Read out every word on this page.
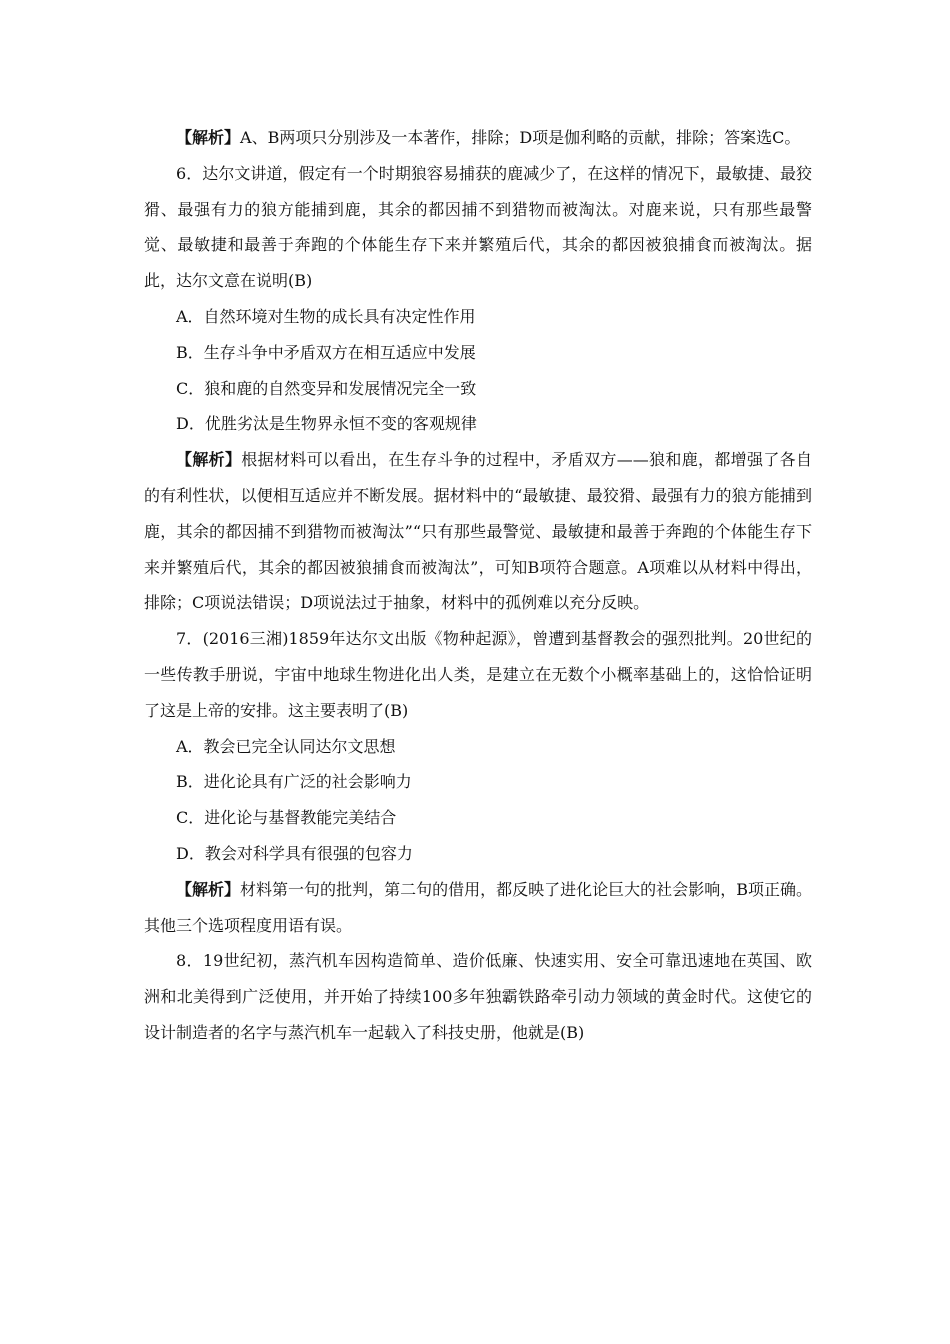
【解析】A、B两项只分别涉及一本著作，排除；D项是伽利略的贡献，排除；答案选C。

6．达尔文讲道，假定有一个时期狼容易捕获的鹿减少了，在这样的情况下，最敏捷、最狡猾、最强有力的狼方能捕到鹿，其余的都因捕不到猎物而被淘汰。对鹿来说，只有那些最警觉、最敏捷和最善于奔跑的个体能生存下来并繁殖后代，其余的都因被狼捕食而被淘汰。据此，达尔文意在说明(B)

A．自然环境对生物的成长具有决定性作用

B．生存斗争中矛盾双方在相互适应中发展

C．狼和鹿的自然变异和发展情况完全一致

D．优胜劣汰是生物界永恒不变的客观规律

【解析】根据材料可以看出，在生存斗争的过程中，矛盾双方——狼和鹿，都增强了各自的有利性状，以便相互适应并不断发展。据材料中的“最敏捷、最狡猾、最强有力的狼方能捕到鹿，其余的都因捕不到猎物而被淘汰”“只有那些最警觉、最敏捷和最善于奔跑的个体能生存下来并繁殖后代，其余的都因被狼捕食而被淘汰”，可知B项符合题意。A项难以从材料中得出，排除；C项说法错误；D项说法过于抽象，材料中的孤例难以充分反映。

7．(2016三湘)1859年达尔文出版《物种起源》，曾遭到基督教会的强烈批判。20世纪的一些传教手册说，宇宙中地球生物进化出人类，是建立在无数个小概率基础上的，这恰恰证明了这是上帝的安排。这主要表明了(B)

A．教会已完全认同达尔文思想

B．进化论具有广泛的社会影响力

C．进化论与基督教能完美结合

D．教会对科学具有很强的包容力

【解析】材料第一句的批判，第二句的借用，都反映了进化论巨大的社会影响，B项正确。其他三个选项程度用语有误。

8．19世纪初，蒸汽机车因构造简单、造价低廉、快速实用、安全可靠迅速地在英国、欧洲和北美得到广泛使用，并开始了持续100多年独霸铁路牵引动力领域的黄金时代。这使它的设计制造者的名字与蒸汽机车一起载入了科技史册，他就是(B)
